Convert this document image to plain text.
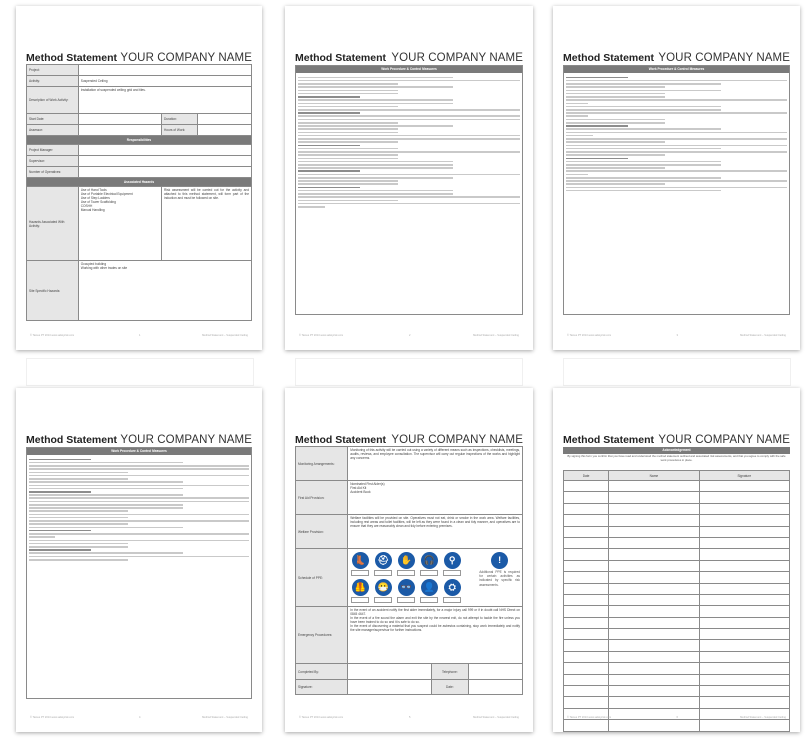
Method Statement YOUR COMPANY NAME
Project:			
Activity:	Suspended Ceiling		
Description of Work Activity:	Installation of suspended ceiling grid and tiles.		
Start Date:		Duration:	
Assessor:		Hours of Work:	
Responsibilities			
Project Manager:			
Supervisor:			
Number of Operatives:			
Associated Hazards			
Hazards Associated With Activity:	
Use of Hand Tools
Use of Portable Electrical Equipment
Use of Step Ladders
Use of Tower Scaffolding
COSHH
Manual Handling
	Risk assessment will be carried out for the activity and attached to this method statement, will form part of the induction and must be followed on site.
Site Specific Hazards:	Occupied building
Working with other trades on site		
© Tarsus PT 2013 www.safetyrisk.com	1	Method Statement – Suspended Ceiling
Method Statement YOUR COMPANY NAME
Work Procedure & Control Measures
© Tarsus PT 2013 www.safetyrisk.com	2	Method Statement – Suspended Ceiling
Method Statement YOUR COMPANY NAME
Work Procedure & Control Measures
© Tarsus PT 2013 www.safetyrisk.com	3	Method Statement – Suspended Ceiling
Method Statement YOUR COMPANY NAME
Work Procedure & Control Measures
© Tarsus PT 2013 www.safetyrisk.com	4	Method Statement – Suspended Ceiling
Method Statement YOUR COMPANY NAME
Monitoring Arrangements:	Monitoring of this activity will be carried out using a variety of different means such as inspections, checklists, meetings, audits, reviews, and employee consultation. The supervisor will carry out regular inspections of the works and highlight any concerns.		
First Aid Provision:	Nominated First Aider(s)
First Aid Kit
Accident Book		

Welfare Provision:	Welfare facilities will be provided on site. Operatives must not eat, drink or smoke in the work area. Welfare facilities, including rest areas and toilet facilities, will be left as they were found in a clean and tidy manner, and operatives are to ensure that they are reasonably clean and tidy before entering premises.		
Schedule of PPE:	
👢	⛑	✋	🎧	⚲
🦺	😷	👓	👤	⛭
!
Additional PPE is required for certain activities as indicated by specific risk assessments.

Emergency Procedures:	In the event of an accident notify the first aider immediately, for a major injury call 999 or if in doubt call NHS Direct on 0845 4647.
In the event of a fire sound the alarm and exit the site by the nearest exit, do not attempt to tackle the fire unless you have been trained to do so and it is safe to do so.
In the event of discovering a material that you suspect could be asbestos containing, stop work immediately and notify the site manager/supervisor for further instructions.		

Completed By:		Telephone:	
Signature:		Date:	
© Tarsus PT 2013 www.safetyrisk.com	5	Method Statement – Suspended Ceiling
Method Statement YOUR COMPANY NAME
Acknowledgement
By signing this form you confirm that you have read and understood the method statement outlined and associated risk assessments, and that you agree to comply with the safe work procedures in place.
Date	Name	Signature

© Tarsus PT 2013 www.safetyrisk.com	6	Method Statement – Suspended Ceiling
